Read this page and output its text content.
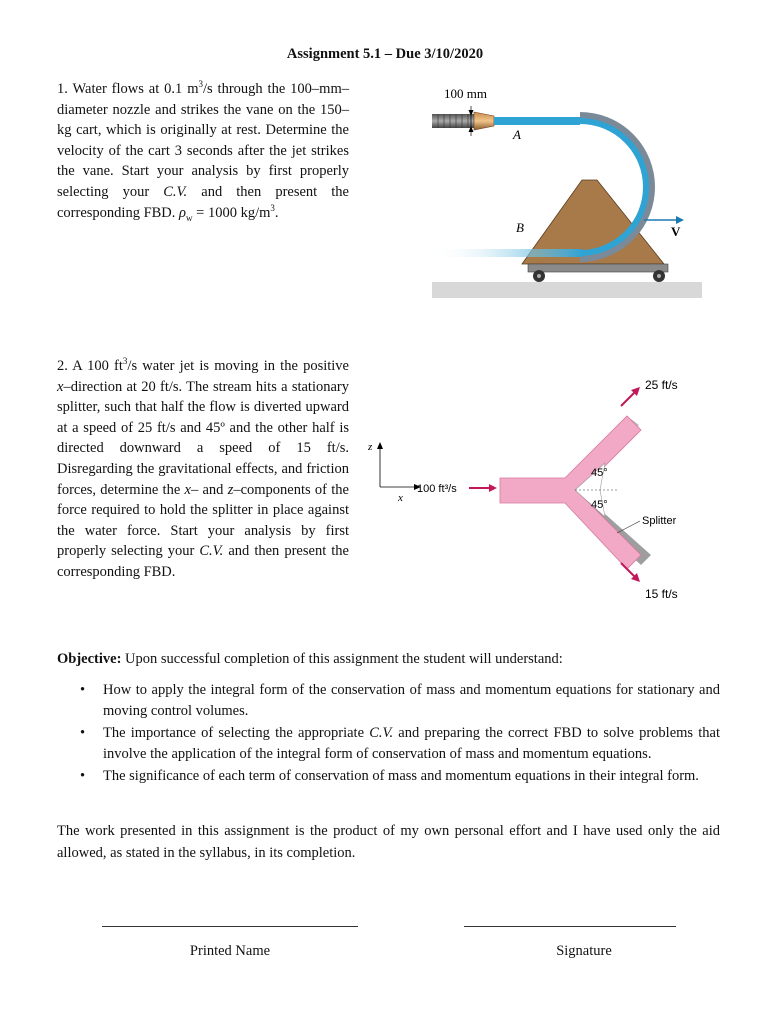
Assignment 5.1 – Due 3/10/2020
1. Water flows at 0.1 $m^3/s$ through the 100–mm–diameter nozzle and strikes the vane on the 150–kg cart, which is originally at rest. Determine the velocity of the cart 3 seconds after the jet strikes the vane. Start your analysis by first properly selecting your C.V. and then present the corresponding FBD. $\rho_w = 1000$ $kg/m^3$.
100 mm
A
B	V
2. A 100 $ft^3/s$ water jet is moving in the positive x–direction at 20 ft/s. The stream hits a stationary splitter, such that half the flow is diverted upward at a speed of 25 ft/s and 45º and the other half is directed downward a speed of 15 ft/s. Disregarding the gravitational effects, and friction forces, determine the x– and z–components of the force required to hold the splitter in place against the water force. Start your analysis by first properly selecting your C.V. and then present the corresponding FBD.
z
x
100 ft³/s
45°
45°
25 ft/s
15 ft/s
Splitter
Objective: Upon successful completion of this assignment the student will understand:
• How to apply the integral form of the conservation of mass and momentum equations for stationary and moving control volumes.
• The importance of selecting the appropriate C.V. and preparing the correct FBD to solve problems that involve the application of the integral form of conservation of mass and momentum equations.
• The significance of each term of conservation of mass and momentum equations in their integral form.
The work presented in this assignment is the product of my own personal effort and I have used only the aid allowed, as stated in the syllabus, in its completion.
Printed Name	Signature
